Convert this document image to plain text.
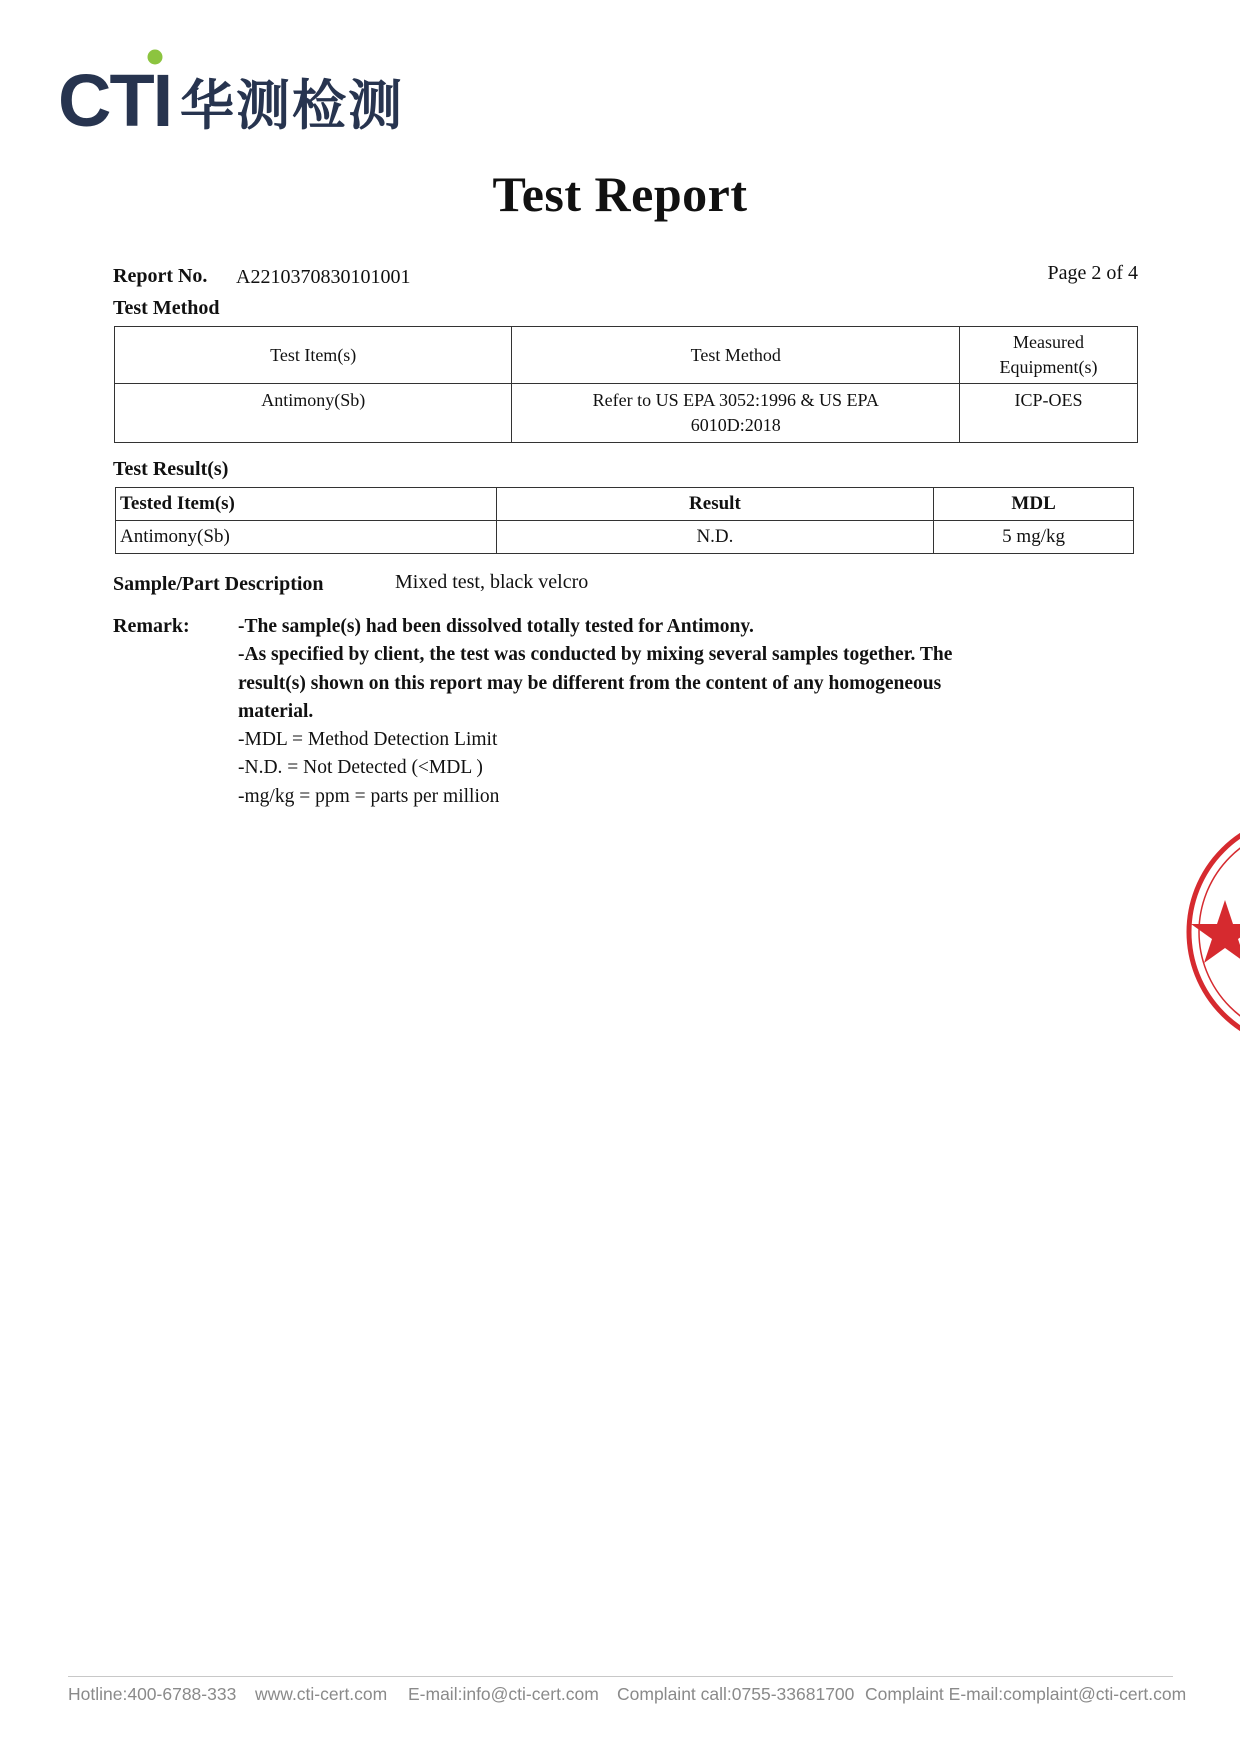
CTI 华测检测
Test Report
Report No. A2210370830101001	Page 2 of 4
Test Method
Test Item(s)	Test Method	Measured Equipment(s)

Antimony(Sb)	Refer to US EPA 3052:1996 & US EPA 6010D:2018	ICP-OES
Test Result(s)
Tested Item(s)	Result	MDL
Antimony(Sb)	N.D.	5 mg/kg
Sample/Part Description	Mixed test, black velcro
Remark: -The sample(s) had been dissolved totally tested for Antimony.
-As specified by client, the test was conducted by mixing several samples together. The result(s) shown on this report may be different from the content of any homogeneous material.
-MDL = Method Detection Limit
-N.D. = Not Detected (<MDL )
-mg/kg = ppm = parts per million
Hotline:400-6788-333 www.cti-cert.com E-mail:info@cti-cert.com Complaint call:0755-33681700 Complaint E-mail:complaint@cti-cert.com
